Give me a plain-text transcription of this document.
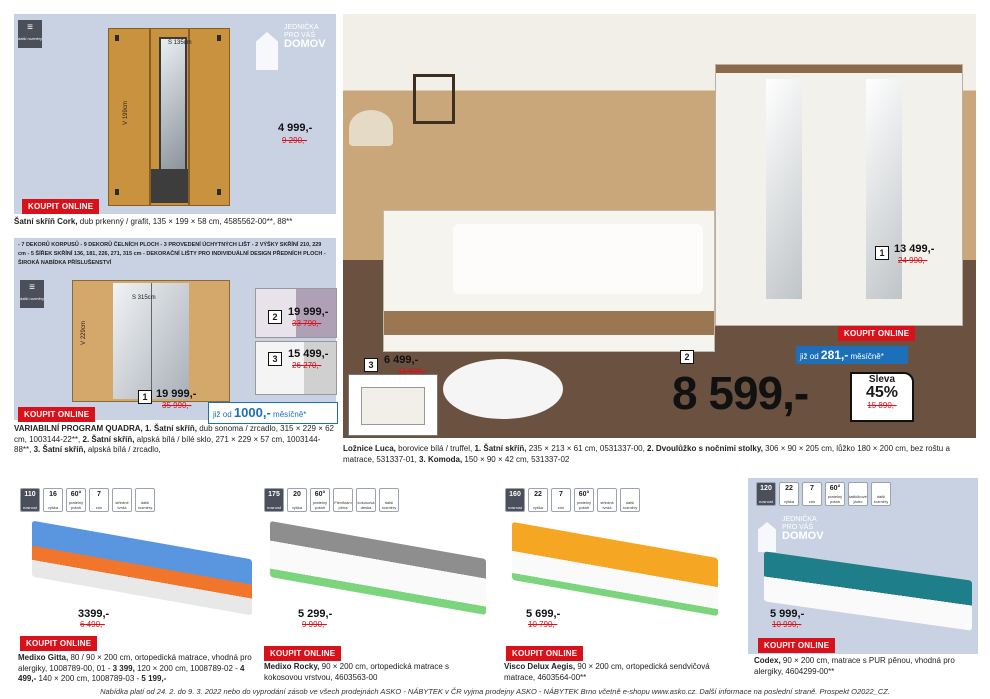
≡
další rozměry
S 135cm
V 199cm
JEDNIČKA
PRO VÁŠ
DOMOV
4 999,-
9 290,-
KOUPIT ONLINE
Šatní skříň Cork, dub prkenný / grafit, 135 × 199 × 58 cm, 4585562-00**, 88**
- 7 DEKORŮ KORPUSŮ - 9 DEKORŮ ČELNÍCH PLOCH - 3 PROVEDENÍ ÚCHYTNÝCH LIŠT - 2 VÝŠKY SKŘÍNÍ 210, 229 cm - 5 ŠÍŘEK SKŘÍNÍ 136, 181, 226, 271, 315 cm - DEKORAČNÍ LIŠTY PRO INDIVIDUÁLNÍ DESIGN PŘEDNÍCH PLOCH - ŠIROKÁ NABÍDKA PŘÍSLUŠENSTVÍ
≡
další rozměry	S 315cm
V 229cm
1 19 999,-
35 990,-
2 19 999,-
33 790,-
3 15 499,-
26 270,-
KOUPIT ONLINE	již od 1000,- měsíčně*
VARIABILNÍ PROGRAM QUADRA, 1. Šatní skříň, dub sonoma / zrcadlo, 315 × 229 × 62 cm, 1003144-22**, 2. Šatní skříň, alpská bílá / bílé sklo, 271 × 229 × 57 cm, 1003144-88**, 3. Šatní skříň, alpská bílá / zrcadlo,
1 13 499,-
24 990,-
3 6 499,-
11 690,-
KOUPIT ONLINE
2	již od 281,- měsíčně*
8 599,-	Sleva
45%
15 890,-
Ložnice Luca, borovice bílá / truffel, 1. Šatní skříň, 235 × 213 × 61 cm, 0531337-00, 2. Dvoulůžko s nočními stolky, 306 × 90 × 205 cm, lůžko 180 × 200 cm, bez roštu a matrace, 531337-01, 3. Komoda, 150 × 90 × 42 cm, 531337-02
110
nosnost
16
výška
60°
pratelný potah
7
zón
středně tvrdá
další rozměry
3399,-
6 490,-
KOUPIT ONLINE
Medixo Gitta, 80 / 90 × 200 cm, ortopedická matrace, vhodná pro alergiky, 1008789-00, 01 - 3 399, 120 × 200 cm, 1008789-02 - 4 499,- 140 × 200 cm, 1008789-03 - 5 199,-
175
nosnost
20
výška
60°
pratelný potah
Flexifoam pěna
kokosová deska
další rozměry
5 299,-
9 990,-
KOUPIT ONLINE
Medixo Rocky, 90 × 200 cm, ortopedická matrace s kokosovou vrstvou, 4603563-00
160
nosnost
22
výška
7
zón
60°
pratelný potah
středně tvrdá
další rozměry
5 699,-
10 790,-
KOUPIT ONLINE
Visco Delux Aegis, 90 × 200 cm, ortopedická sendvičová matrace, 4603564-00**
120
nosnost
22
výška
7
zón
60°
pratelný potah
taštičkové jádro
další rozměry
JEDNIČKA
PRO VÁŠ
DOMOV
5 999,-
10 990,-
KOUPIT ONLINE
Codex, 90 × 200 cm, matrace s PUR pěnou, vhodná pro alergiky, 4604299-00**
Nabídka platí od 24. 2. do 9. 3. 2022 nebo do vyprodání zásob ve všech prodejnách ASKO - NÁBYTEK v ČR vyjma prodejny ASKO - NÁBYTEK Brno včetně e-shopu www.asko.cz. Další informace na poslední straně. Prospekt O2022_CZ.
